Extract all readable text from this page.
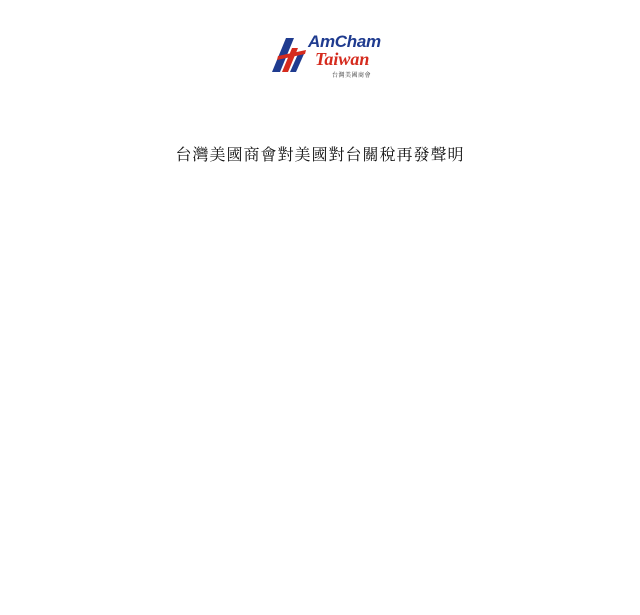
AmCham
Taiwan
台灣美國商會
台灣美國商會對美國對台關稅再發聲明
